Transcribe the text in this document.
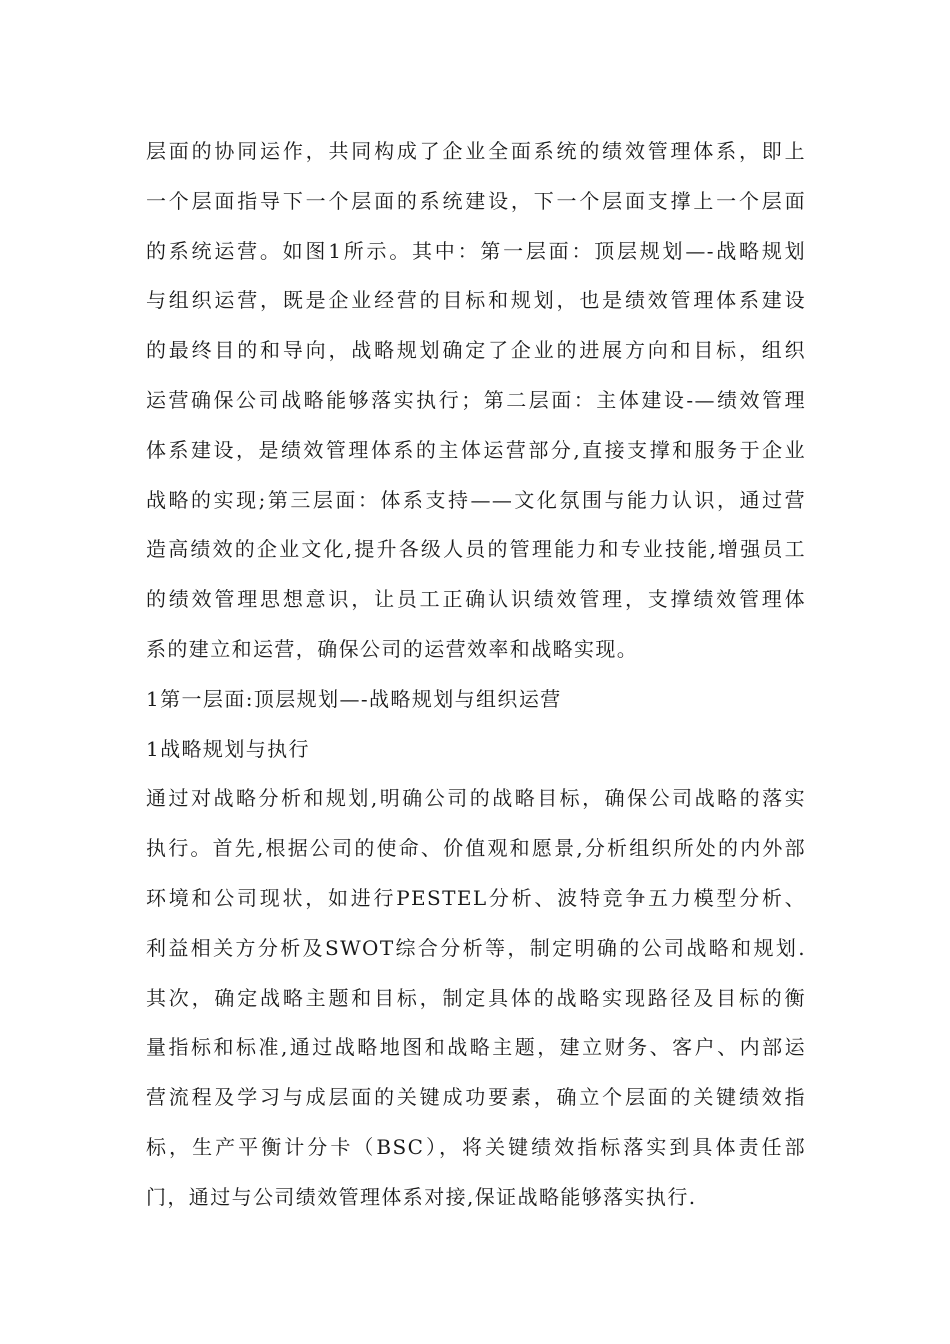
层面的协同运作，共同构成了企业全面系统的绩效管理体系，即上
一个层面指导下一个层面的系统建设，下一个层面支撑上一个层面
的系统运营。如图1所示。其中：第一层面：顶层规划—-战略规划
与组织运营，既是企业经营的目标和规划，也是绩效管理体系建设
的最终目的和导向，战略规划确定了企业的进展方向和目标，组织
运营确保公司战略能够落实执行；第二层面：主体建设-—绩效管理
体系建设，是绩效管理体系的主体运营部分,直接支撑和服务于企业
战略的实现;第三层面：体系支持——文化氛围与能力认识，通过营
造高绩效的企业文化,提升各级人员的管理能力和专业技能,增强员工
的绩效管理思想意识，让员工正确认识绩效管理，支撑绩效管理体
系的建立和运营，确保公司的运营效率和战略实现。
1第一层面:顶层规划—-战略规划与组织运营
1战略规划与执行
通过对战略分析和规划,明确公司的战略目标，确保公司战略的落实
执行。首先,根据公司的使命、价值观和愿景,分析组织所处的内外部
环境和公司现状，如进行PESTEL分析、波特竞争五力模型分析、
利益相关方分析及SWOT综合分析等，制定明确的公司战略和规划.
其次，确定战略主题和目标，制定具体的战略实现路径及目标的衡
量指标和标准,通过战略地图和战略主题，建立财务、客户、内部运
营流程及学习与成层面的关键成功要素，确立个层面的关键绩效指
标，生产平衡计分卡（BSC），将关键绩效指标落实到具体责任部
门，通过与公司绩效管理体系对接,保证战略能够落实执行.
